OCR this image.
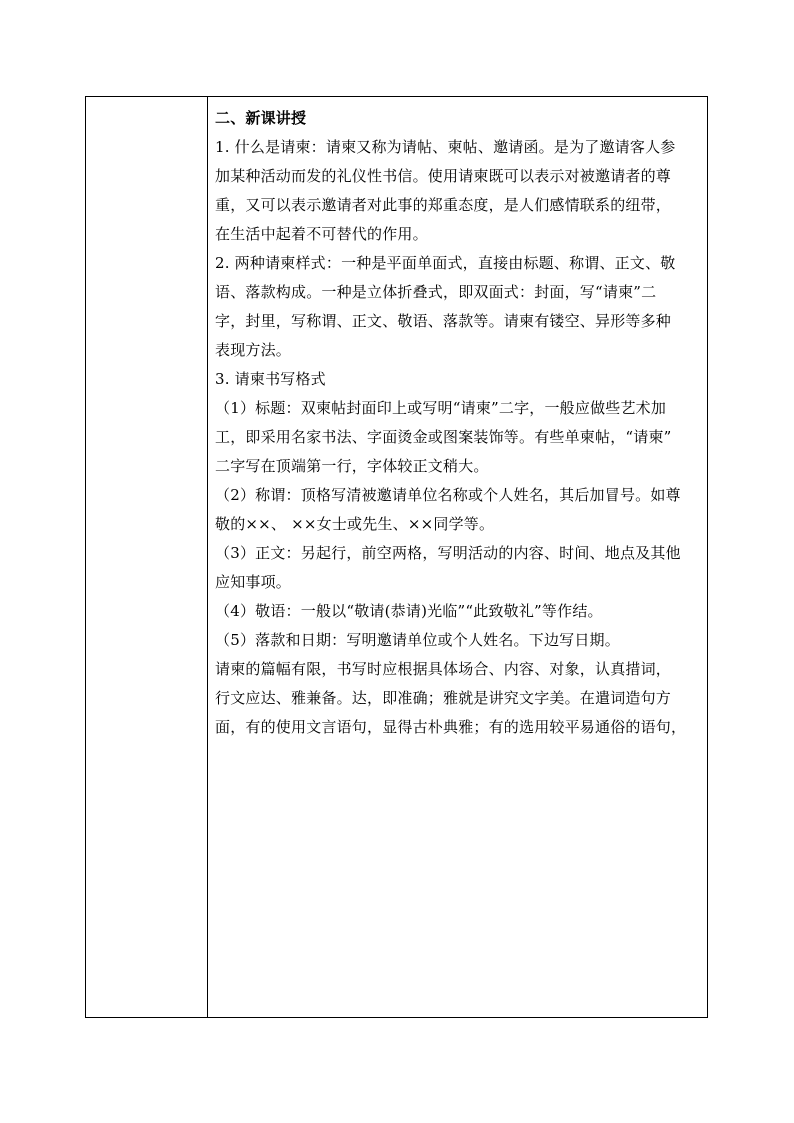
二、新课讲授
1. 什么是请柬：请柬又称为请帖、柬帖、邀请函。是为了邀请客人参
加某种活动而发的礼仪性书信。使用请柬既可以表示对被邀请者的尊
重，又可以表示邀请者对此事的郑重态度，是人们感情联系的纽带，
在生活中起着不可替代的作用。
2. 两种请柬样式：一种是平面单面式，直接由标题、称谓、正文、敬
语、落款构成。一种是立体折叠式，即双面式：封面，写“请柬”二
字，封里，写称谓、正文、敬语、落款等。请柬有镂空、异形等多种
表现方法。
3. 请柬书写格式
（1）标题：双柬帖封面印上或写明“请柬”二字，一般应做些艺术加
工，即采用名家书法、字面烫金或图案装饰等。有些单柬帖，“请柬”
二字写在顶端第一行，字体较正文稍大。
（2）称谓：顶格写清被邀请单位名称或个人姓名，其后加冒号。如尊
敬的××、 ××女士或先生、××同学等。
（3）正文：另起行，前空两格，写明活动的内容、时间、地点及其他
应知事项。
（4）敬语：一般以“敬请(恭请)光临”“此致敬礼”等作结。
（5）落款和日期：写明邀请单位或个人姓名。下边写日期。
请柬的篇幅有限，书写时应根据具体场合、内容、对象，认真措词，
行文应达、雅兼备。达，即准确；雅就是讲究文字美。在遣词造句方
面，有的使用文言语句，显得古朴典雅；有的选用较平易通俗的语句，
